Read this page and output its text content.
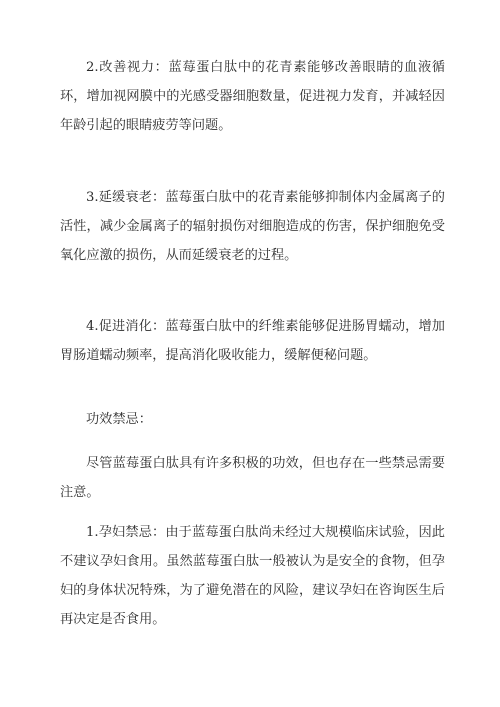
2.改善视力：蓝莓蛋白肽中的花青素能够改善眼睛的血液循环，增加视网膜中的光感受器细胞数量，促进视力发育，并减轻因年龄引起的眼睛疲劳等问题。

3.延缓衰老：蓝莓蛋白肽中的花青素能够抑制体内金属离子的活性，减少金属离子的辐射损伤对细胞造成的伤害，保护细胞免受氧化应激的损伤，从而延缓衰老的过程。

4.促进消化：蓝莓蛋白肽中的纤维素能够促进肠胃蠕动，增加胃肠道蠕动频率，提高消化吸收能力，缓解便秘问题。

功效禁忌：

尽管蓝莓蛋白肽具有许多积极的功效，但也存在一些禁忌需要注意。

1.孕妇禁忌：由于蓝莓蛋白肽尚未经过大规模临床试验，因此不建议孕妇食用。虽然蓝莓蛋白肽一般被认为是安全的食物，但孕妇的身体状况特殊，为了避免潜在的风险，建议孕妇在咨询医生后再决定是否食用。
